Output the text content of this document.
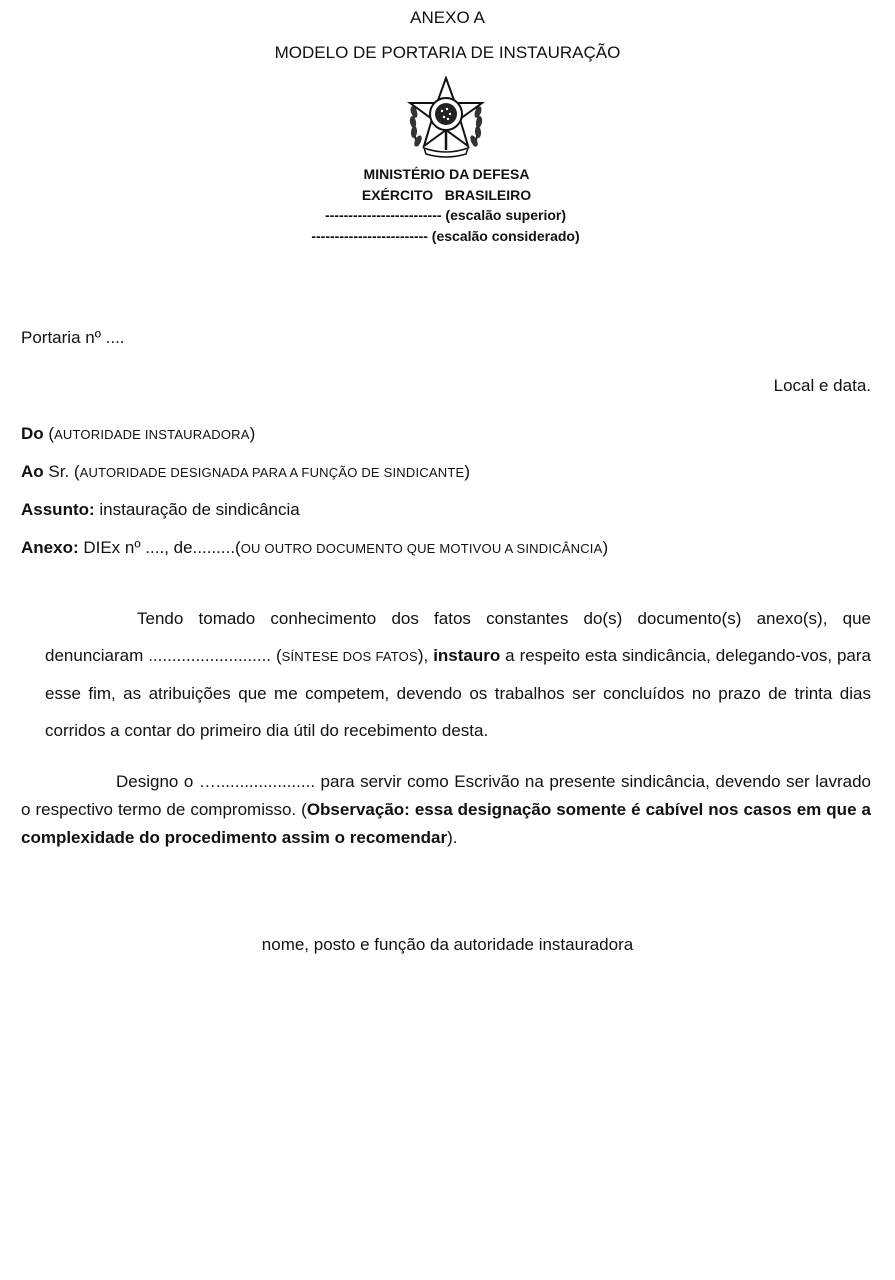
ANEXO A
MODELO DE PORTARIA DE INSTAURAÇÃO
MINISTÉRIO DA DEFESA
EXÉRCITO   BRASILEIRO
------------------------- (escalão superior)
------------------------- (escalão considerado)
Portaria nº ....
Local e data.
Do (AUTORIDADE INSTAURADORA)
Ao Sr. (AUTORIDADE DESIGNADA PARA A FUNÇÃO DE SINDICANTE)
Assunto: instauração de sindicância
Anexo: DIEx nº ...., de.........(OU OUTRO DOCUMENTO QUE MOTIVOU A SINDICÂNCIA)
Tendo tomado conhecimento dos fatos constantes do(s) documento(s) anexo(s), que denunciaram .......................... (SÍNTESE DOS FATOS), instauro a respeito esta sindicância, delegando-vos, para esse fim, as atribuições que me competem, devendo os trabalhos ser concluídos no prazo de trinta dias corridos a contar do primeiro dia útil do recebimento desta.
Designo o …..................... para servir como Escrivão na presente sindicância, devendo ser lavrado o respectivo termo de compromisso. (Observação: essa designação somente é cabível nos casos em que a complexidade do procedimento assim o recomendar).
nome, posto e função da autoridade instauradora
